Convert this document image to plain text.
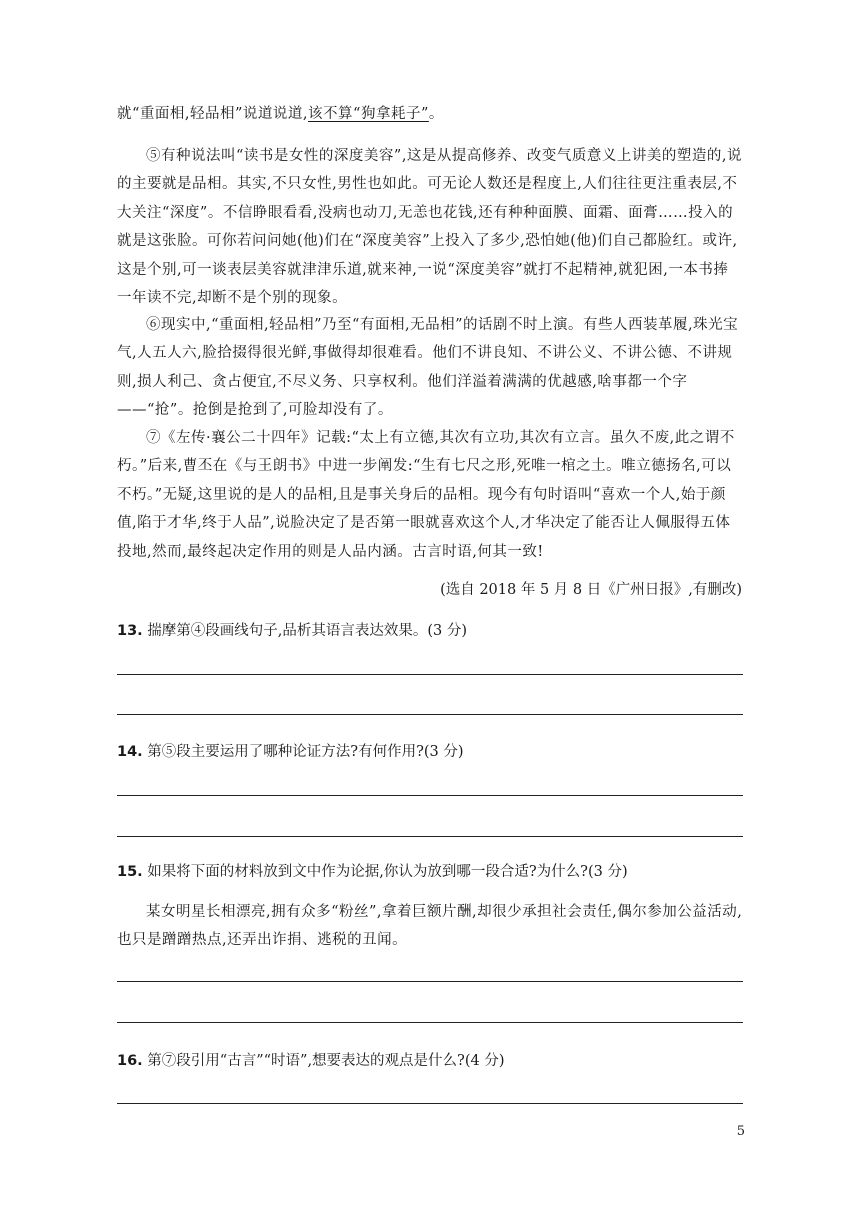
就“重面相,轻品相”说道说道,该不算“狗拿耗子”。
⑤有种说法叫“读书是女性的深度美容”,这是从提高修养、改变气质意义上讲美的塑造的,说的主要就是品相。其实,不只女性,男性也如此。可无论人数还是程度上,人们往往更注重表层,不大关注“深度”。不信睁眼看看,没病也动刀,无恙也花钱,还有种种面膜、面霜、面膏……投入的就是这张脸。可你若问问她(他)们在“深度美容”上投入了多少,恐怕她(他)们自己都脸红。或许,这是个别,可一谈表层美容就津津乐道,就来神,一说“深度美容”就打不起精神,就犯困,一本书捧一年读不完,却断不是个别的现象。
⑥现实中,“重面相,轻品相”乃至“有面相,无品相”的话剧不时上演。有些人西装革履,珠光宝气,人五人六,脸拾掇得很光鲜,事做得却很难看。他们不讲良知、不讲公义、不讲公德、不讲规则,损人利己、贪占便宜,不尽义务、只享权利。他们洋溢着满满的优越感,啥事都一个字——“抢”。抢倒是抢到了,可脸却没有了。
⑦《左传·襄公二十四年》记载:“太上有立德,其次有立功,其次有立言。虽久不废,此之谓不朽。”后来,曹丕在《与王朗书》中进一步阐发:“生有七尺之形,死唯一棺之土。唯立德扬名,可以不朽。”无疑,这里说的是人的品相,且是事关身后的品相。现今有句时语叫“喜欢一个人,始于颜值,陷于才华,终于人品”,说脸决定了是否第一眼就喜欢这个人,才华决定了能否让人佩服得五体投地,然而,最终起决定作用的则是人品内涵。古言时语,何其一致!
(选自 2018 年 5 月 8 日《广州日报》,有删改)
13. 揣摩第④段画线句子,品析其语言表达效果。(3 分)
14. 第⑤段主要运用了哪种论证方法?有何作用?(3 分)
15. 如果将下面的材料放到文中作为论据,你认为放到哪一段合适?为什么?(3 分)
某女明星长相漂亮,拥有众多“粉丝”,拿着巨额片酬,却很少承担社会责任,偶尔参加公益活动,也只是蹭蹭热点,还弄出诈捐、逃税的丑闻。
16. 第⑦段引用“古言”“时语”,想要表达的观点是什么?(4 分)
5
